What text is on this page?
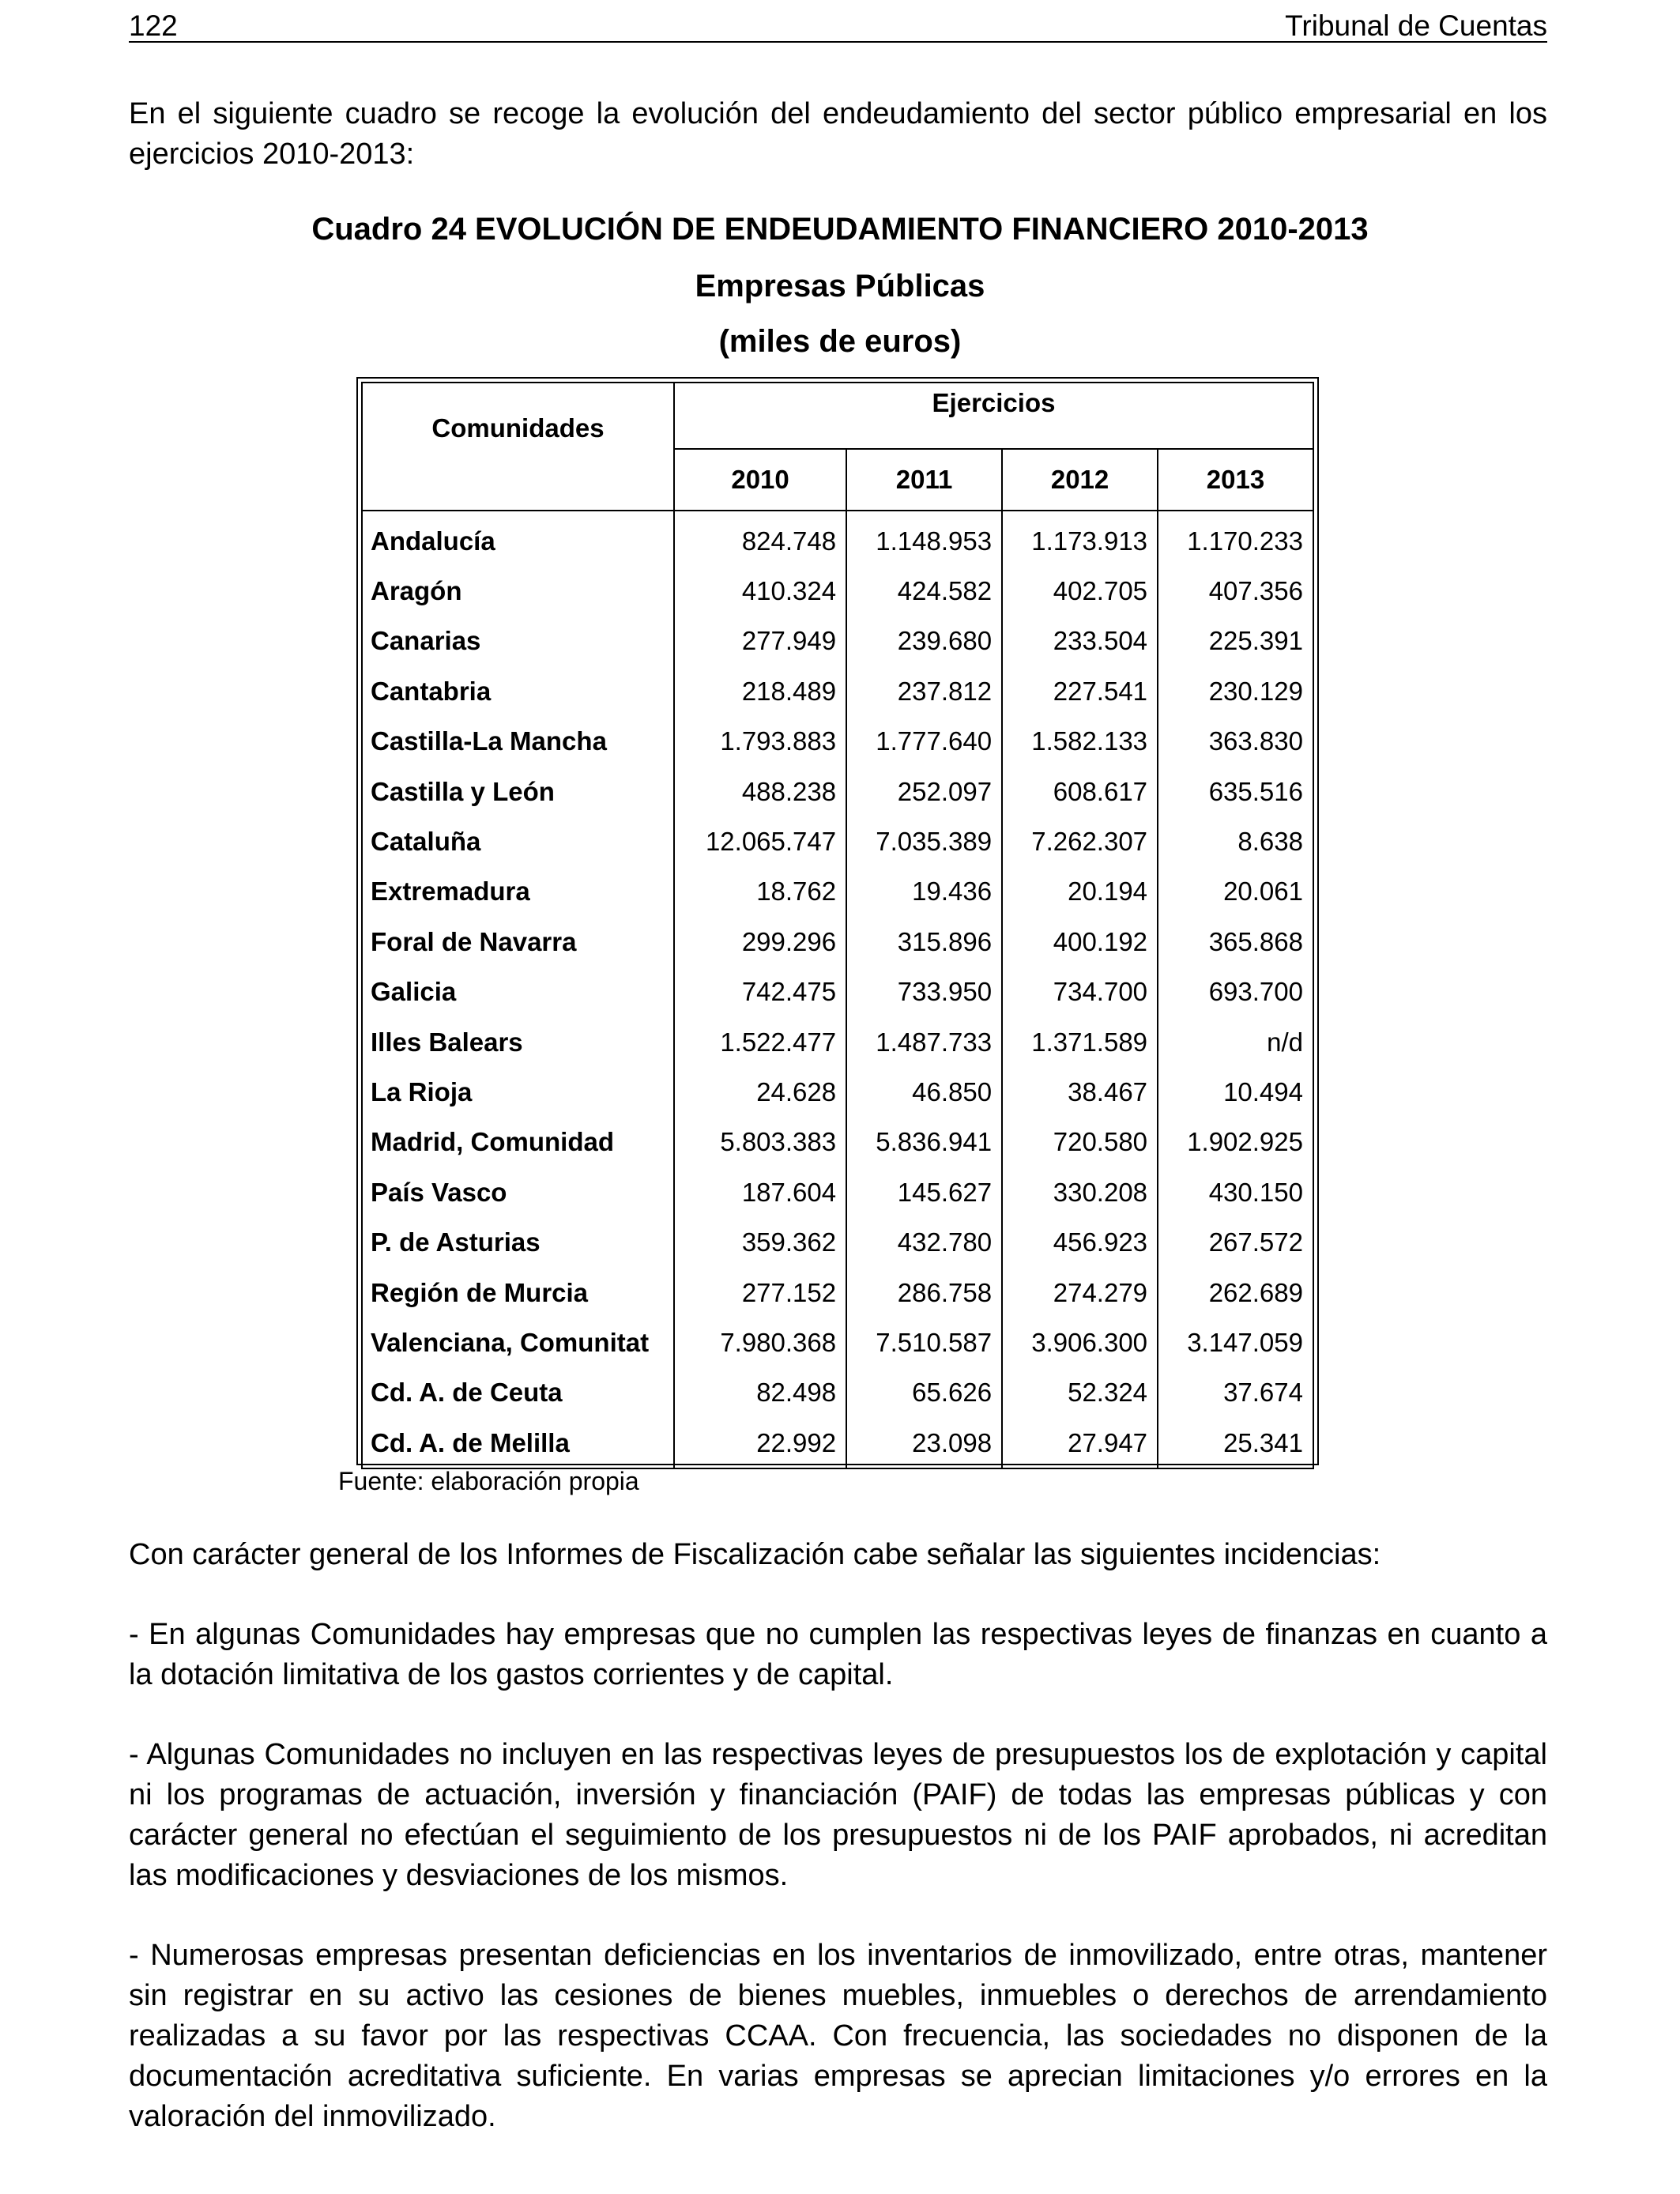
122	Tribunal de Cuentas
En el siguiente cuadro se recoge la evolución del endeudamiento del sector público empresarial en los ejercicios 2010-2013:
Cuadro 24 EVOLUCIÓN DE ENDEUDAMIENTO FINANCIERO 2010-2013
Empresas Públicas
(miles de euros)
Comunidades	Ejercicios			
	2010	2011	2012	2013
Andalucía	824.748	1.148.953	1.173.913	1.170.233
Aragón	410.324	424.582	402.705	407.356
Canarias	277.949	239.680	233.504	225.391
Cantabria	218.489	237.812	227.541	230.129
Castilla-La Mancha	1.793.883	1.777.640	1.582.133	363.830
Castilla y León	488.238	252.097	608.617	635.516
Cataluña	12.065.747	7.035.389	7.262.307	8.638
Extremadura	18.762	19.436	20.194	20.061
Foral de Navarra	299.296	315.896	400.192	365.868
Galicia	742.475	733.950	734.700	693.700
Illes Balears	1.522.477	1.487.733	1.371.589	n/d
La Rioja	24.628	46.850	38.467	10.494
Madrid, Comunidad	5.803.383	5.836.941	720.580	1.902.925
País Vasco	187.604	145.627	330.208	430.150
P. de Asturias	359.362	432.780	456.923	267.572
Región de Murcia	277.152	286.758	274.279	262.689
Valenciana, Comunitat	7.980.368	7.510.587	3.906.300	3.147.059
Cd. A. de Ceuta	82.498	65.626	52.324	37.674
Cd. A. de Melilla	22.992	23.098	27.947	25.341
Fuente: elaboración propia
Con carácter general de los Informes de Fiscalización cabe señalar las siguientes incidencias:
- En algunas Comunidades hay empresas que no cumplen las respectivas leyes de finanzas en cuanto a la dotación limitativa de los gastos corrientes y de capital.
- Algunas Comunidades no incluyen en las respectivas leyes de presupuestos los de explotación y capital ni los programas de actuación, inversión y financiación (PAIF) de todas las empresas públicas y con carácter general no efectúan el seguimiento de los presupuestos ni de los PAIF aprobados, ni acreditan las modificaciones y desviaciones de los mismos.
- Numerosas empresas presentan deficiencias en los inventarios de inmovilizado, entre otras, mantener sin registrar en su activo las cesiones de bienes muebles, inmuebles o derechos de arrendamiento realizadas a su favor por las respectivas CCAA. Con frecuencia, las sociedades no disponen de la documentación acreditativa suficiente. En varias empresas se aprecian limitaciones y/o errores en la valoración del inmovilizado.
